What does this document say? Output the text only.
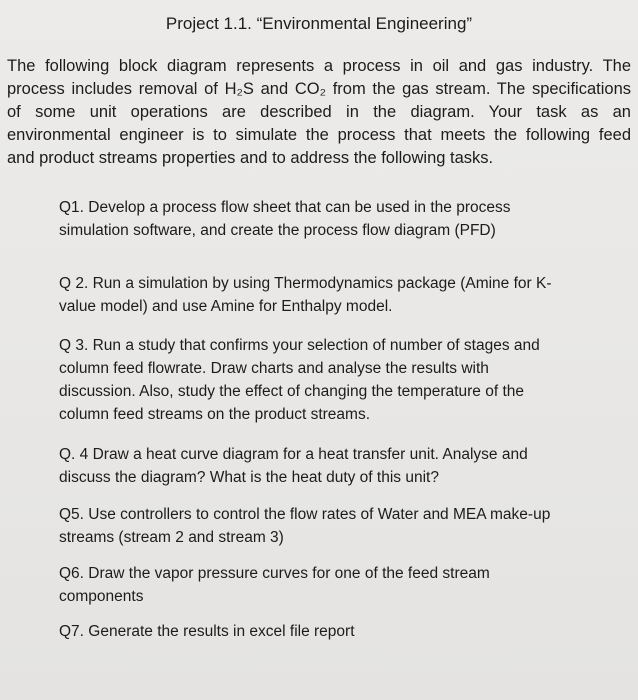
Project 1.1. “Environmental Engineering”
The following block diagram represents a process in oil and gas industry. The
process includes removal of H₂S and CO₂ from the gas stream. The specifications
of some unit operations are described in the diagram. Your task as an
environmental engineer is to simulate the process that meets the following feed
and product streams properties and to address the following tasks.
Q1. Develop a process flow sheet that can be used in the process
simulation software, and create the process flow diagram (PFD)
Q 2. Run a simulation by using Thermodynamics package (Amine for K-
value model) and use Amine for Enthalpy model.
Q 3. Run a study that confirms your selection of number of stages and
column feed flowrate. Draw charts and analyse the results with
discussion. Also, study the effect of changing the temperature of the
column feed streams on the product streams.
Q. 4 Draw a heat curve diagram for a heat transfer unit. Analyse and
discuss the diagram? What is the heat duty of this unit?
Q5. Use controllers to control the flow rates of Water and MEA make-up
streams (stream 2 and stream 3)
Q6. Draw the vapor pressure curves for one of the feed stream
components
Q7. Generate the results in excel file report
